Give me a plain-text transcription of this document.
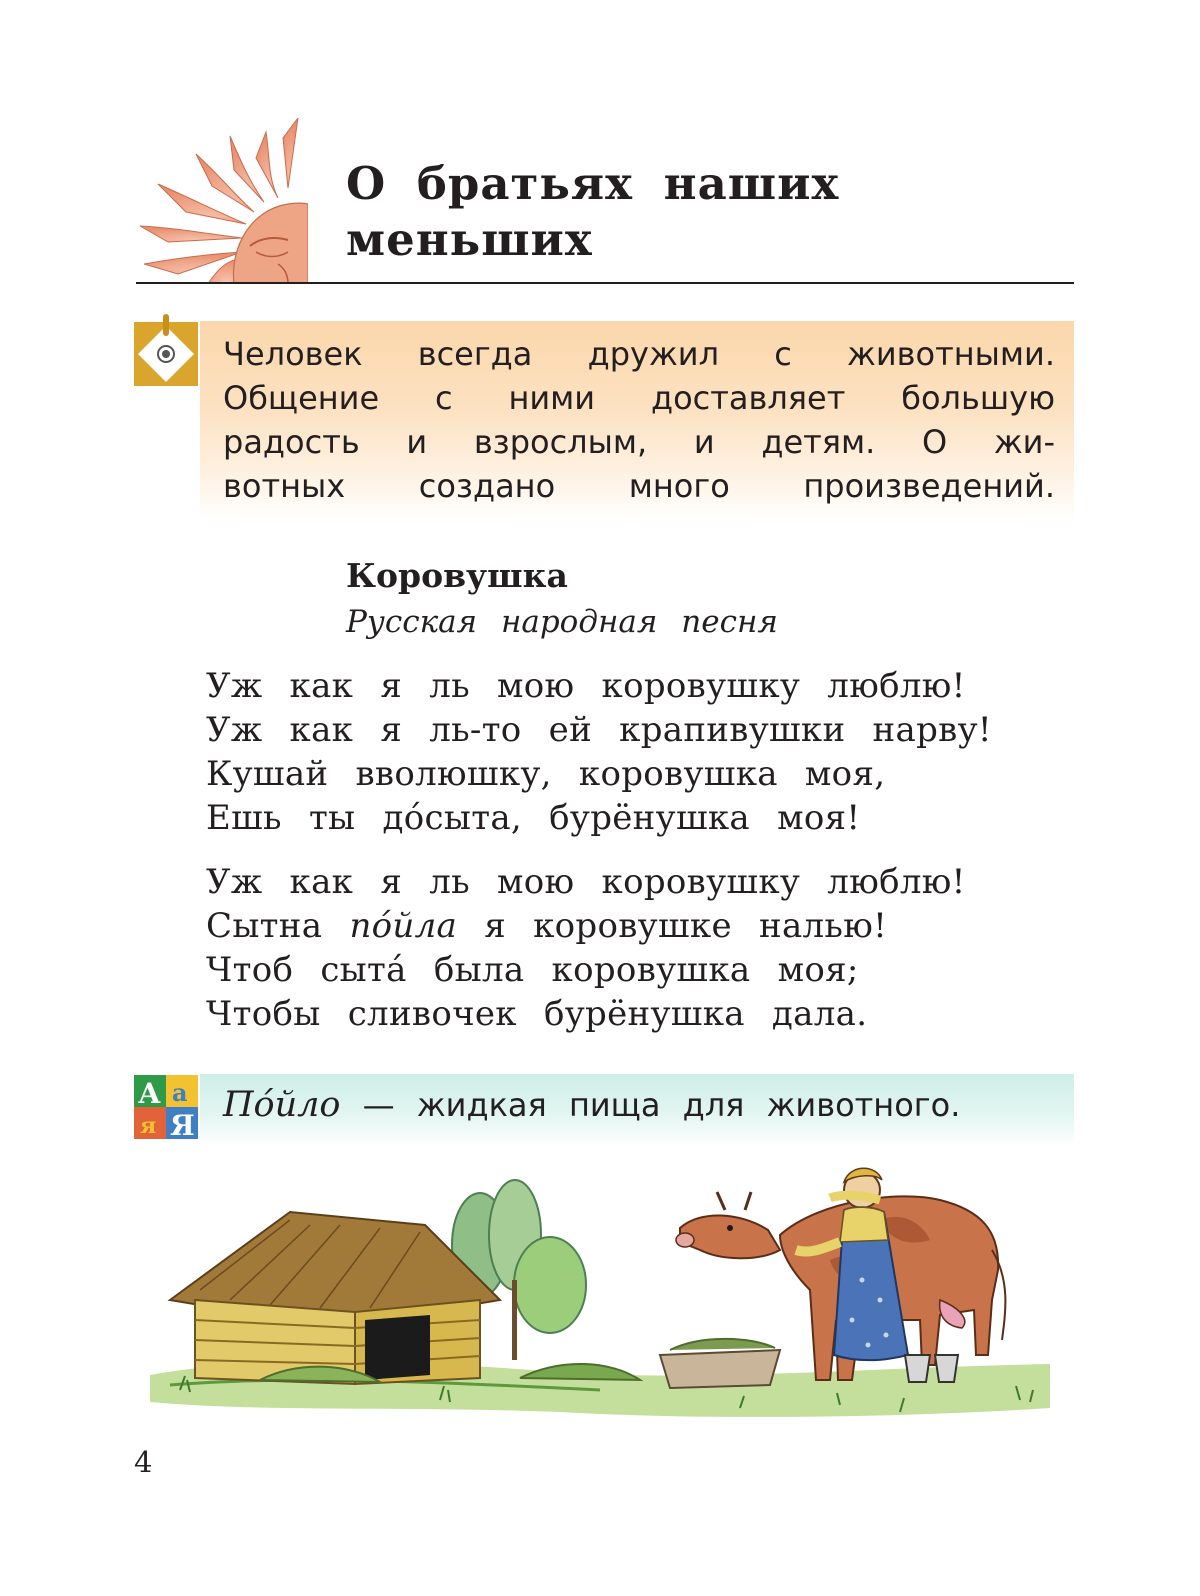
О братьях наших
меньших
Человек всегда дружил с животными.
Общение с ними доставляет большую
радость и взрослым, и детям. О жи-
вотных создано много произведений.
Коровушка
Русская народная песня
Уж как я ль мою коровушку люблю!
Уж как я ль-то ей крапивушки нарву!
Кушай вволюшку, коровушка моя,
Ешь ты до́сыта, бурёнушка моя!
Уж как я ль мою коровушку люблю!
Сытна по́йла я коровушке налью!
Чтоб сыта́ была коровушка моя;
Чтобы сливочек бурёнушка дала.
А а
я Я
По́йло — жидкая пища для животного.
4
